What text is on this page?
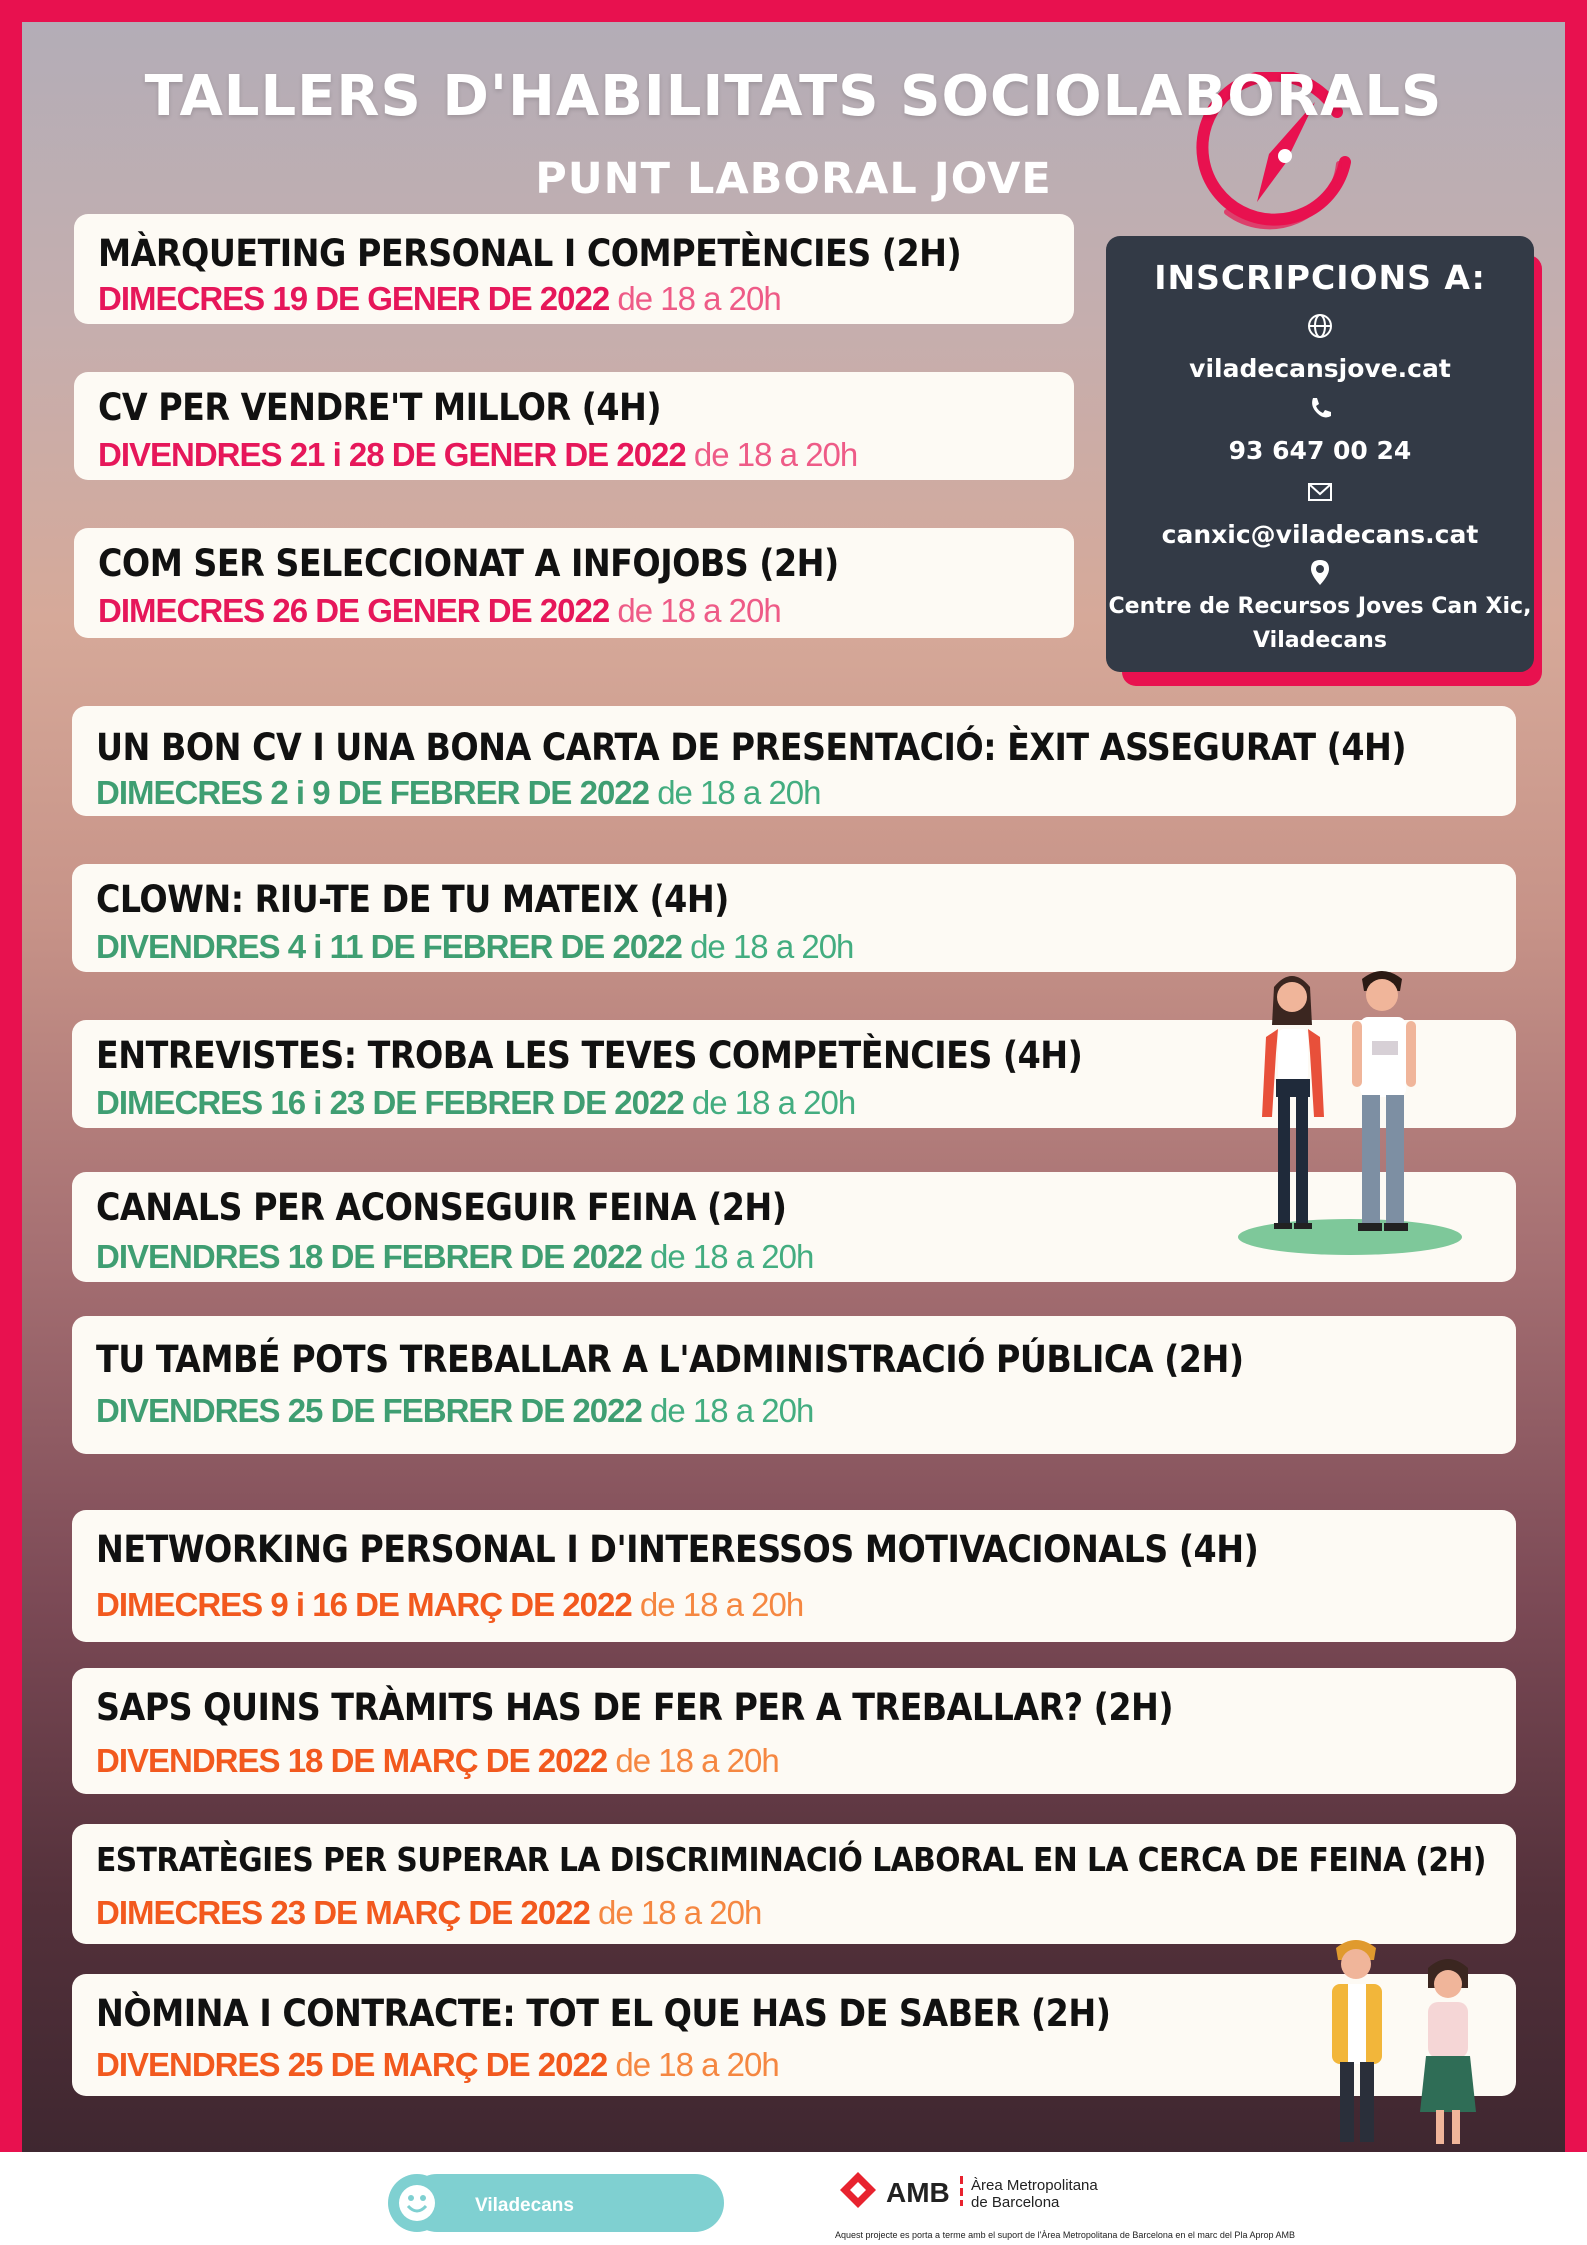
TALLERS D'HABILITATS SOCIOLABORALS
PUNT LABORAL JOVE
MÀRQUETING PERSONAL I COMPETÈNCIES (2H)
DIMECRES 19 DE GENER DE 2022 de 18 a 20h
CV PER VENDRE'T MILLOR (4H)
DIVENDRES 21 i 28 DE GENER DE 2022 de 18 a 20h
COM SER SELECCIONAT A INFOJOBS (2H)
DIMECRES 26 DE GENER DE 2022 de 18 a 20h
INSCRIPCIONS A:
viladecansjove.cat
93 647 00 24
canxic@viladecans.cat
Centre de Recursos Joves Can Xic,
Viladecans
UN BON CV I UNA BONA CARTA DE PRESENTACIÓ: ÈXIT ASSEGURAT (4H)
DIMECRES 2 i 9 DE FEBRER DE 2022 de 18 a 20h
CLOWN: RIU-TE DE TU MATEIX (4H)
DIVENDRES 4 i 11 DE FEBRER DE 2022 de 18 a 20h
ENTREVISTES: TROBA LES TEVES COMPETÈNCIES (4H)
DIMECRES 16 i 23 DE FEBRER DE 2022 de 18 a 20h
CANALS PER ACONSEGUIR FEINA (2H)
DIVENDRES 18 DE FEBRER DE 2022 de 18 a 20h
TU TAMBÉ POTS TREBALLAR A L'ADMINISTRACIÓ PÚBLICA (2H)
DIVENDRES 25 DE FEBRER DE 2022 de 18 a 20h
NETWORKING PERSONAL I D'INTERESSOS MOTIVACIONALS (4H)
DIMECRES 9 i 16 DE MARÇ DE 2022 de 18 a 20h
SAPS QUINS TRÀMITS HAS DE FER PER A TREBALLAR? (2H)
DIVENDRES 18 DE MARÇ DE 2022 de 18 a 20h
ESTRATÈGIES PER SUPERAR LA DISCRIMINACIÓ LABORAL EN LA CERCA DE FEINA (2H)
DIMECRES 23 DE MARÇ DE 2022 de 18 a 20h
NÒMINA I CONTRACTE: TOT EL QUE HAS DE SABER (2H)
DIVENDRES 25 DE MARÇ DE 2022 de 18 a 20h
Viladecans	AMB Àrea Metropolitana
de Barcelona
Aquest projecte es porta a terme amb el suport de l'Àrea Metropolitana de Barcelona en el marc del Pla Aprop AMB
